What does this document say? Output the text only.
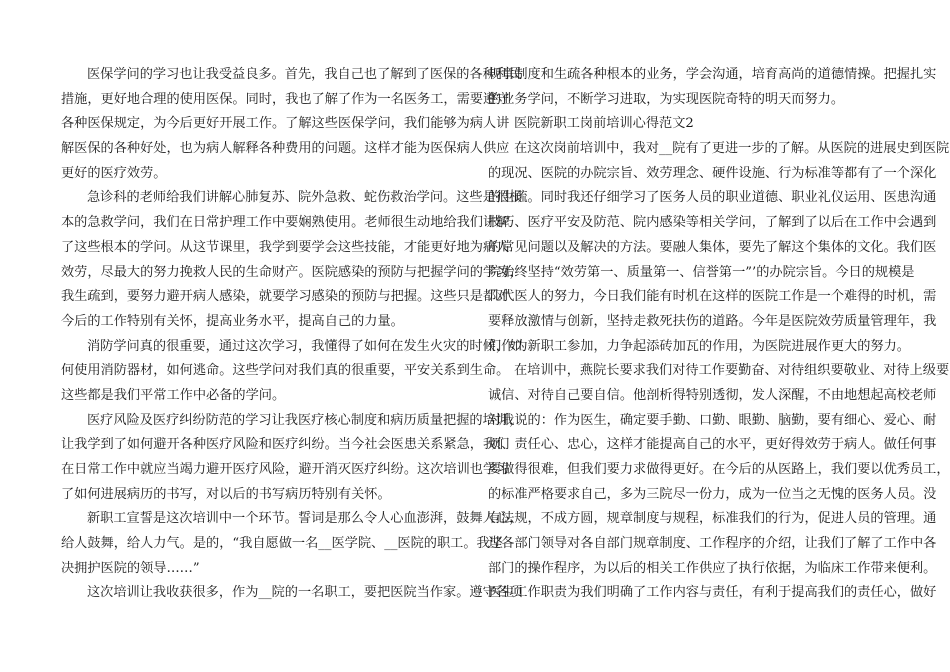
医保学问的学习也让我受益良多。首先，我自己也了解到了医保的各种利民
措施，更好地合理的使用医保。同时，我也了解了作为一名医务工，需要遵守
各种医保规定，为今后更好开展工作。了解这些医保学问，我们能够为病人讲
解医保的各种好处，也为病人解释各种费用的问题。这样才能为医保病人供应
更好的医疗效劳。
急诊科的老师给我们讲解心肺复苏、院外急救、蛇伤救治学问。这些是很根
本的急救学问，我们在日常护理工作中要娴熟使用。老师很生动地给我们讲解
了这些根本的学问。从这节课里，我学到要学会这些技能，才能更好地为病人
效劳，尽最大的努力挽救人民的生命财产。医院感染的预防与把握学问的学习，
我生疏到，要努力避开病人感染，就要学习感染的预防与把握。这些只是都对
今后的工作特别有关怀，提高业务水平，提高自己的力量。
消防学问真的很重要，通过这次学习，我懂得了如何在发生火灾的时候，如
何使用消防器材，如何逃命。这些学问对我们真的很重要，平安关系到生命。
这些都是我们平常工作中必备的学问。
医疗风险及医疗纠纷防范的学习让我医疗核心制度和病历质量把握的培训，
让我学到了如何避开各种医疗风险和医疗纠纷。当今社会医患关系紧急，我们
在日常工作中就应当竭力避开医疗风险，避开消灭医疗纠纷。这次培训也学习
了如何进展病历的书写，对以后的书写病历特别有关怀。
新职工宣誓是这次培训中一个环节。誓词是那么令人心血澎湃，鼓舞人心，
给人鼓舞，给人力气。是的，“我自愿做一名__医学院、__医院的职工。我坚
决拥护医院的领导……”
这次培训让我收获很多，作为__院的一名职工，要把医院当作家。遵守各项
规章制度和生疏各种根本的业务，学会沟通，培育高尚的道德情操。把握扎实
的业务学问，不断学习进取，为实现医院奇特的明天而努力。
医院新职工岗前培训心得范文2
在这次岗前培训中，我对__院有了更进一步的了解。从医院的进展史到医院
的现况、医院的办院宗旨、效劳理念、硬件设施、行为标准等都有了一个深化
的生疏。同时我还仔细学习了医务人员的职业道德、职业礼仪运用、医患沟通
技巧、医疗平安及防范、院内感染等相关学问，了解到了以后在工作中会遇到
的常见问题以及解决的方法。要融人集体，要先了解这个集体的文化。我们医
院始终坚持“效劳第一、质量第一、信誉第一”’的办院宗旨。今日的规模是
几代医人的努力，今日我们能有时机在这样的医院工作是一个难得的时机，需
要释放激情与创新，坚持走救死扶伤的道路。今年是医院效劳质量管理年，我
们作为新职工参加，力争起添砖加瓦的作用，为医院进展作更大的努力。
在培训中，燕院长要求我们对待工作要勤奋、对待组织要敬业、对待上级要
诚信、对待自己要自信。他剖析得特别透彻，发人深醒，不由地想起高校老师
对我说的：作为医生，确定要手勤、口勤、眼勤、脑勤，要有细心、爱心、耐
烦、责任心、忠心，这样才能提高自己的水平，更好得效劳于病人。做任何事
要做得很难，但我们要力求做得更好。在今后的从医路上，我们要以优秀员工，
的标准严格要求自己，多为三院尽一份力，成为一位当之无愧的医务人员。没
有法规，不成方圆，规章制度与规程，标准我们的行为，促进人员的管理。通
过各部门领导对各自部门规章制度、工作程序的介绍，让我们了解了工作中各
部门的操作程序，为以后的相关工作供应了执行依据，为临床工作带来便利。
医生工作职责为我们明确了工作内容与责任，有利于提高我们的责任心，做好
